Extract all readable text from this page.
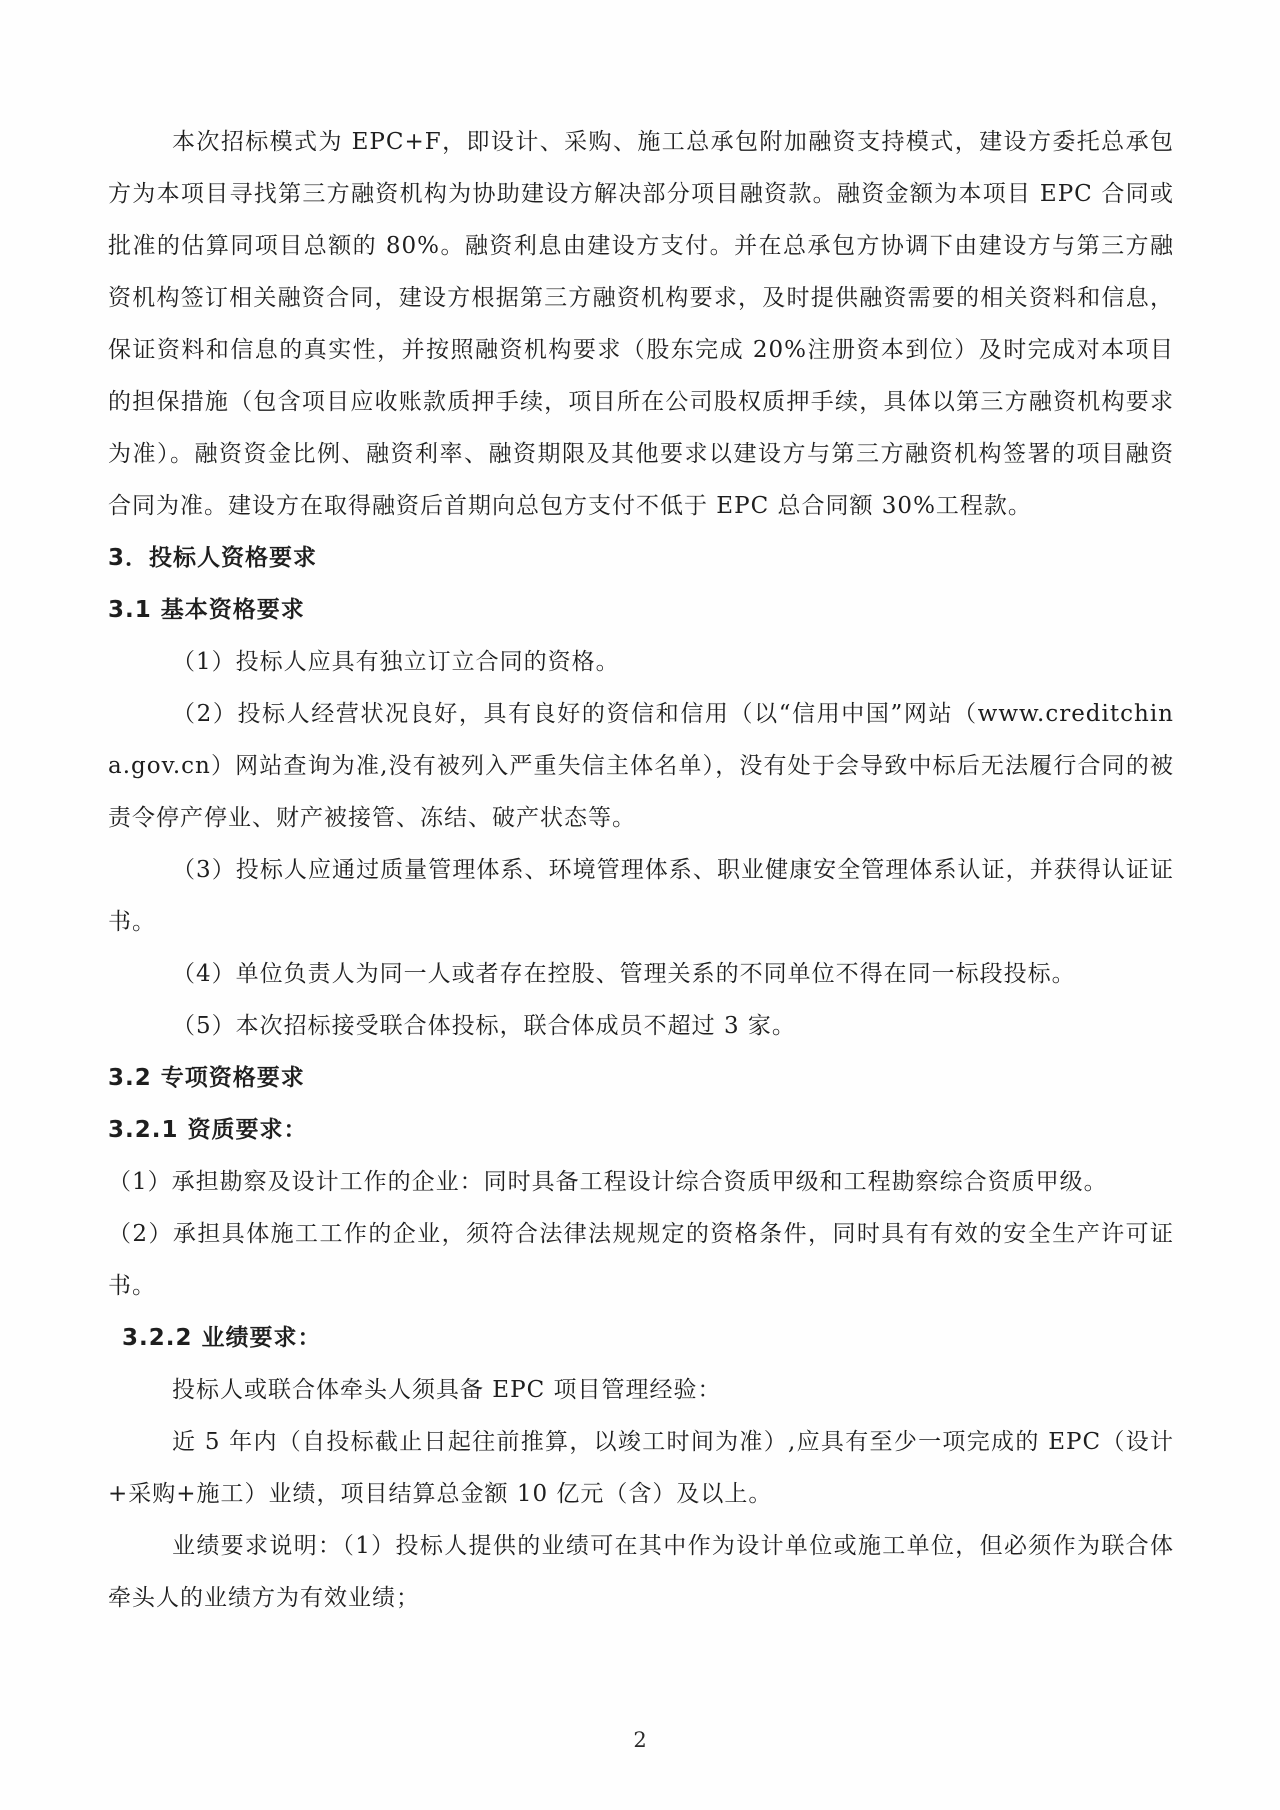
本次招标模式为 EPC+F，即设计、采购、施工总承包附加融资支持模式，建设方委托总承包方为本项目寻找第三方融资机构为协助建设方解决部分项目融资款。融资金额为本项目 EPC 合同或批准的估算同项目总额的 80%。融资利息由建设方支付。并在总承包方协调下由建设方与第三方融资机构签订相关融资合同，建设方根据第三方融资机构要求，及时提供融资需要的相关资料和信息，保证资料和信息的真实性，并按照融资机构要求（股东完成 20%注册资本到位）及时完成对本项目的担保措施（包含项目应收账款质押手续，项目所在公司股权质押手续，具体以第三方融资机构要求为准）。融资资金比例、融资利率、融资期限及其他要求以建设方与第三方融资机构签署的项目融资合同为准。建设方在取得融资后首期向总包方支付不低于 EPC 总合同额 30%工程款。

3．投标人资格要求
3.1 基本资格要求

（1）投标人应具有独立订立合同的资格。

（2）投标人经营状况良好，具有良好的资信和信用（以“信用中国”网站（www.creditchina.gov.cn）网站查询为准,没有被列入严重失信主体名单），没有处于会导致中标后无法履行合同的被责令停产停业、财产被接管、冻结、破产状态等。

（3）投标人应通过质量管理体系、环境管理体系、职业健康安全管理体系认证，并获得认证证书。

（4）单位负责人为同一人或者存在控股、管理关系的不同单位不得在同一标段投标。

（5）本次招标接受联合体投标，联合体成员不超过 3 家。

3.2 专项资格要求
3.2.1 资质要求：

（1）承担勘察及设计工作的企业：同时具备工程设计综合资质甲级和工程勘察综合资质甲级。

（2）承担具体施工工作的企业，须符合法律法规规定的资格条件，同时具有有效的安全生产许可证书。

3.2.2 业绩要求：

投标人或联合体牵头人须具备 EPC 项目管理经验：

近 5 年内（自投标截止日起往前推算，以竣工时间为准）,应具有至少一项完成的 EPC（设计+采购+施工）业绩，项目结算总金额 10 亿元（含）及以上。

业绩要求说明：（1）投标人提供的业绩可在其中作为设计单位或施工单位，但必须作为联合体牵头人的业绩方为有效业绩；

2
